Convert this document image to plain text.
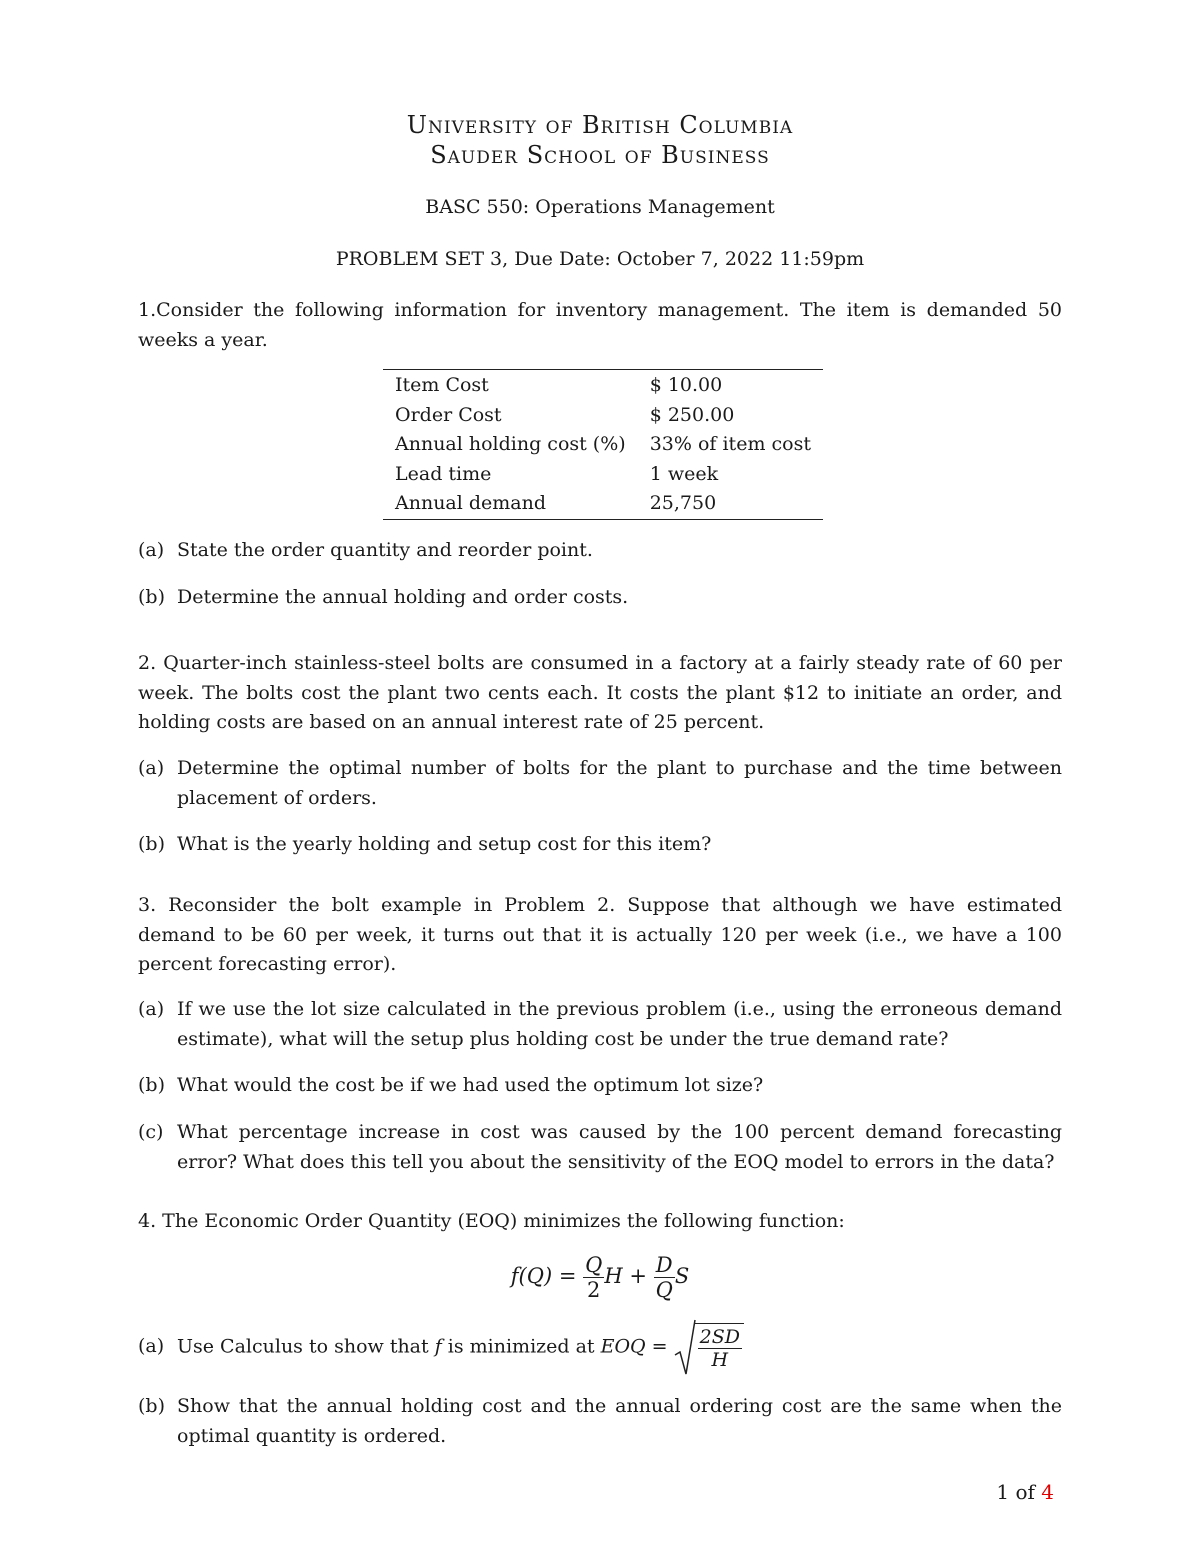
University of British Columbia
Sauder School of Business
BASC 550: Operations Management
PROBLEM SET 3, Due Date: October 7, 2022 11:59pm
1.Consider the following information for inventory management. The item is demanded 50 weeks a year.
Item Cost	$ 10.00
Order Cost	$ 250.00
Annual holding cost (%)	33% of item cost
Lead time	1 week
Annual demand	25,750
(a) State the order quantity and reorder point.
(b) Determine the annual holding and order costs.
2. Quarter-inch stainless-steel bolts are consumed in a factory at a fairly steady rate of 60 per week. The bolts cost the plant two cents each. It costs the plant $12 to initiate an order, and holding costs are based on an annual interest rate of 25 percent.
(a) Determine the optimal number of bolts for the plant to purchase and the time between placement of orders.
(b) What is the yearly holding and setup cost for this item?
3. Reconsider the bolt example in Problem 2. Suppose that although we have estimated demand to be 60 per week, it turns out that it is actually 120 per week (i.e., we have a 100 percent forecasting error).
(a) If we use the lot size calculated in the previous problem (i.e., using the erroneous demand estimate), what will the setup plus holding cost be under the true demand rate?
(b) What would the cost be if we had used the optimum lot size?
(c) What percentage increase in cost was caused by the 100 percent demand forecasting error? What does this tell you about the sensitivity of the EOQ model to errors in the data?
4. The Economic Order Quantity (EOQ) minimizes the following function:
$f(Q) = \frac{Q}{2}$ $H + \frac{D}{Q}$ S
(a) Use Calculus to show that f is minimized at EOQ = $\frac{2SD}{H}$
(b) Show that the annual holding cost and the annual ordering cost are the same when the optimal quantity is ordered.
1 of 4
